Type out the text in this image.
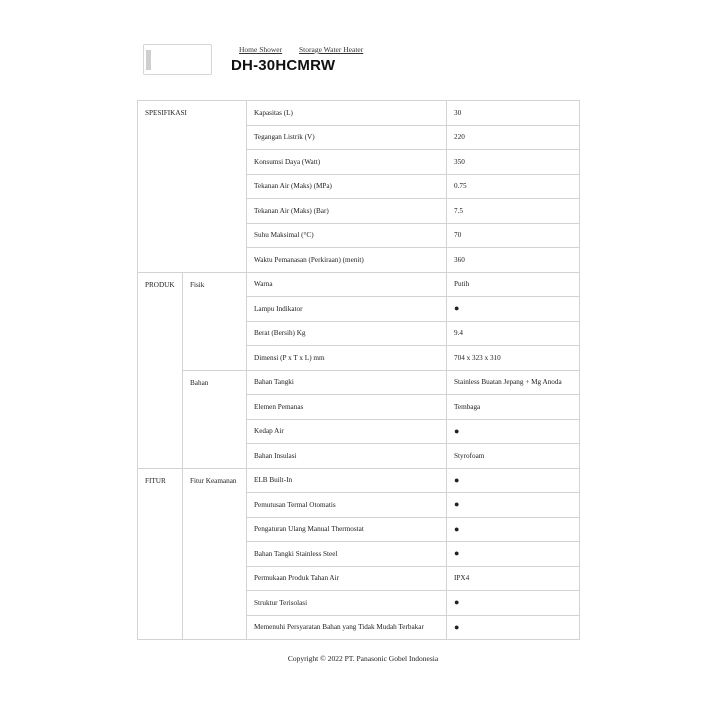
Home Shower Storage Water Heater
DH-30HCMRW
SPESIFIKASI		Kapasitas (L)	30
		Tegangan Listrik (V)	220
		Konsumsi Daya (Watt)	350
		Tekanan Air (Maks) (MPa)	0.75
		Tekanan Air (Maks) (Bar)	7.5
		Suhu Maksimal (°C)	70
		Waktu Pemanasan (Perkiraan) (menit)	360
PRODUK	Fisik	Warna	Putih
		Lampu Indikator	●
		Berat (Bersih) Kg	9.4
		Dimensi (P x T x L) mm	704 x 323 x 310
	Bahan	Bahan Tangki	Stainless Buatan Jepang + Mg Anoda
		Elemen Pemanas	Tembaga
		Kedap Air	●
		Bahan Insulasi	Styrofoam
FITUR	Fitur Keamanan	ELB Built-In	●
		Pemutusan Termal Otomatis	●
		Pengaturan Ulang Manual Thermostat	●
		Bahan Tangki Stainless Steel	●
		Permukaan Produk Tahan Air	IPX4
		Struktur Terisolasi	●
		Memenuhi Persyaratan Bahan yang Tidak Mudah Terbakar	●
Copyright © 2022 PT. Panasonic Gobel Indonesia
